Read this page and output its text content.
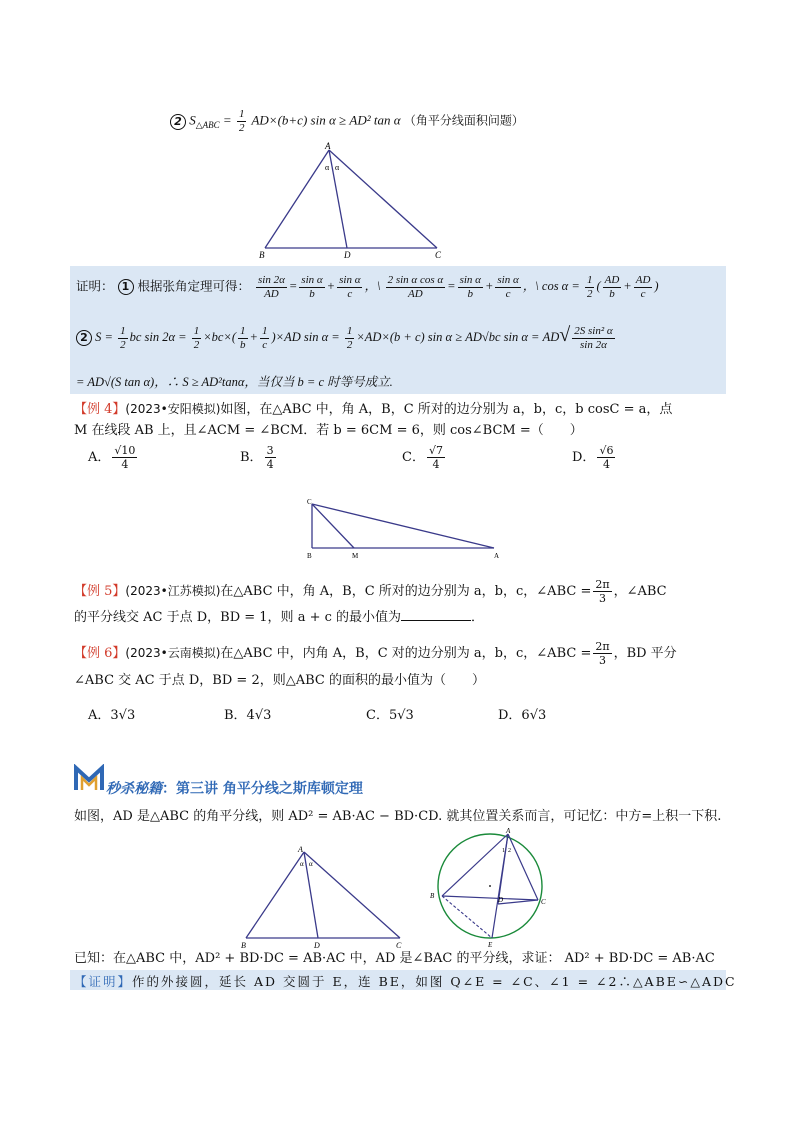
2 $S_{\triangle ABC} = \frac{1}{2} AD\times(b+c)$ sin α ≥ AD² tan α （角平分线面积问题）
A
α α
B	D	C
证明： 1 根据张角定理可得： $\frac{\sin 2\alpha}{AD} = \frac{\text{sin α}}{b} + \frac{\text{sin α}}{c}$ ，\ $\frac{\text{2 sin α cos α}}{AD} = \frac{\text{sin α}}{b} + \frac{\text{sin α}}{c}$ ，\ $\cos \alpha = \frac{1}{2}$ ( $\frac{AD}{b} + \frac{AD}{c}$ )
2 $S = \frac{1}{2}$ bc $\sin 2\alpha = \frac{1}{2} \times bc\times( \frac{1}{b} + \frac{1}{c} )\times AD$ $\sin \alpha = \frac{1}{2} \times AD\times(b + c)$ sin α ≥ AD√bc $\sin \alpha = AD√ \frac{\text{2S sin² α}}{\sin 2\alpha}$
= AD√(S tan α)，∴ S ≥ AD²tanα，当仅当 b = c 时等号成立.
【例 4】(2023•安阳模拟)如图，在△ABC 中，角 A，B，C 所对的边分别为 a，b，c，b cosC = a，点
M 在线段 AB 上，且∠ACM = ∠BCM．若 b = 6CM = 6，则 cos∠BCM =（　　）
A． $\frac{√10}{4}$	B． $\frac{3}{4}$	C． $\frac{√7}{4}$	D． $\frac{√6}{4}$
C
B	M	A
【例 5】(2023•江苏模拟)在△ABC 中，角 A，B，C 所对的边分别为 a，b，c，∠ABC = $\frac{2\pi}{3}$ ，∠ABC
的平分线交 AC 于点 D，BD = 1，则 a + c 的最小值为	．
【例 6】(2023•云南模拟)在△ABC 中，内角 A，B，C 对的边分别为 a，b，c，∠ABC = $\frac{2\pi}{3}$ ，BD 平分
∠ABC 交 AC 于点 D，BD = 2，则△ABC 的面积的最小值为（　　）
A．3√3	B．4√3	C．5√3	D．6√3
秒杀秘籍：第三讲 角平分线之斯库顿定理
如图，AD 是△ABC 的角平分线，则 AD² = AB·AC − BD·CD. 就其位置关系而言，可记忆：中方=上积一下积.
A
α α
B	D	C
A
1 2
B	D	C
E
已知：在△ABC 中，AD² + BD·DC = AB·AC 中，AD 是∠BAC 的平分线，求证： AD² + BD·DC = AB·AC
【证明】作的外接圆，延长 AD 交圆于 E，连 BE，如图 Q∠E = ∠C、∠1 = ∠2∴△ABE∽△ADC
